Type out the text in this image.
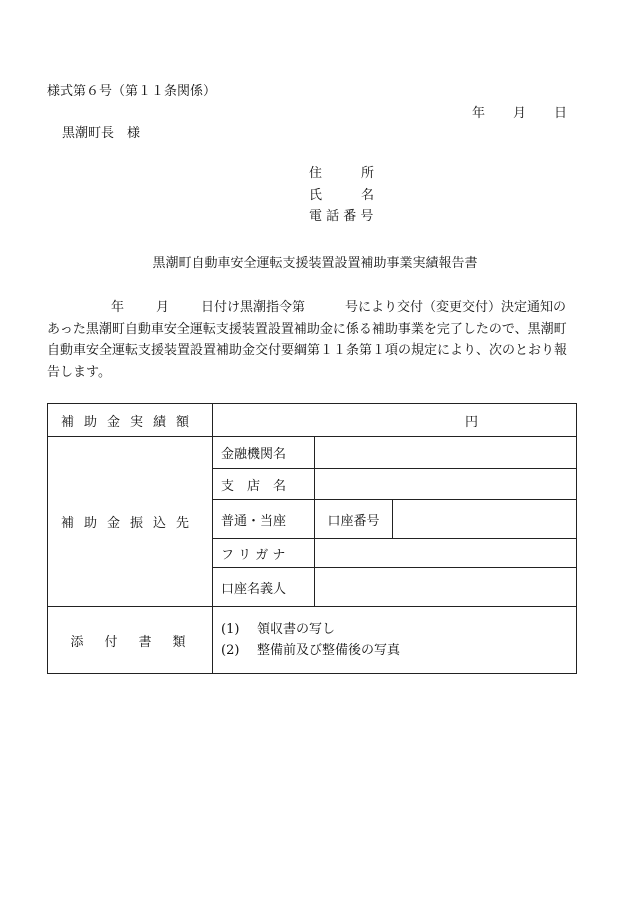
様式第６号（第１１条関係）
年 月 日
黒潮町長　様
住　　　所
氏　　　名
電 話 番 号
黒潮町自動車安全運転支援装置設置補助事業実績報告書
年 月 日付け黒潮指令第	号により交付（変更交付）決定通知のあった黒潮町自動車安全運転支援装置設置補助金に係る補助事業を完了したので、黒潮町自動車安全運転支援装置設置補助金交付要綱第１１条第１項の規定により、次のとおり報告します。
補助金実績額	円		
補助金振込先	金融機関名		
	支　店　名		
	普通・当座	口座番号	
	フ リ ガ ナ		
	口座名義人		
添　付　書　類	(1) 領収書の写し
(2) 整備前及び整備後の写真		
